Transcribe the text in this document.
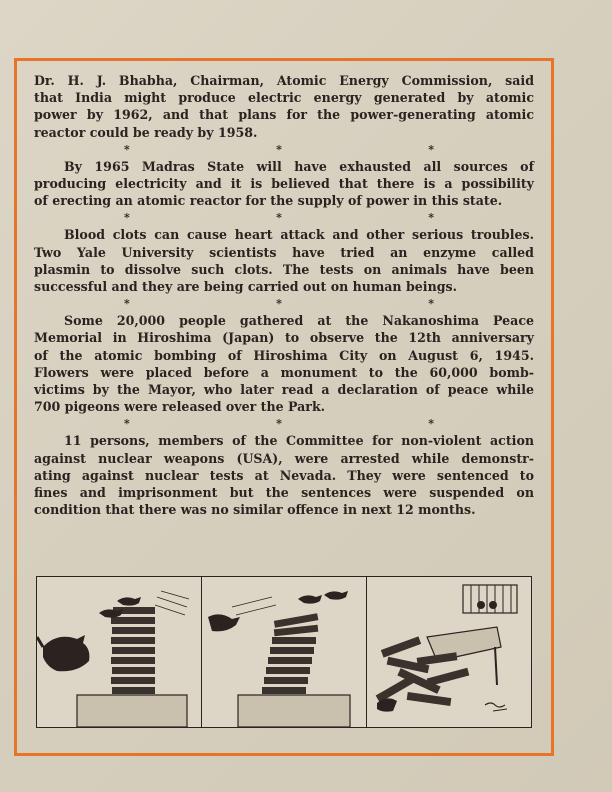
Dr. H. J. Bhabha, Chairman, Atomic Energy Commission, said
that India might produce electric energy generated by atomic
power by 1962, and that plans for the power-generating atomic
reactor could be ready by 1958.
*	*	*
By 1965 Madras State will have exhausted all sources of
producing electricity and it is believed that there is a possibility
of erecting an atomic reactor for the supply of power in this state.
*	*	*
Blood clots can cause heart attack and other serious troubles.
Two Yale University scientists have tried an enzyme called
plasmin to dissolve such clots. The tests on animals have been
successful and they are being carried out on human beings.
*	*	*
Some 20,000 people gathered at the Nakanoshima Peace
Memorial in Hiroshima (Japan) to observe the 12th anniversary
of the atomic bombing of Hiroshima City on August 6, 1945.
Flowers were placed before a monument to the 60,000 bomb-
victims by the Mayor, who later read a declaration of peace while
700 pigeons were released over the Park.
*	*	*
11 persons, members of the Committee for non-violent action
against nuclear weapons (USA), were arrested while demonstr-
ating against nuclear tests at Nevada. They were sentenced to
fines and imprisonment but the sentences were suspended on
condition that there was no similar offence in next 12 months.
